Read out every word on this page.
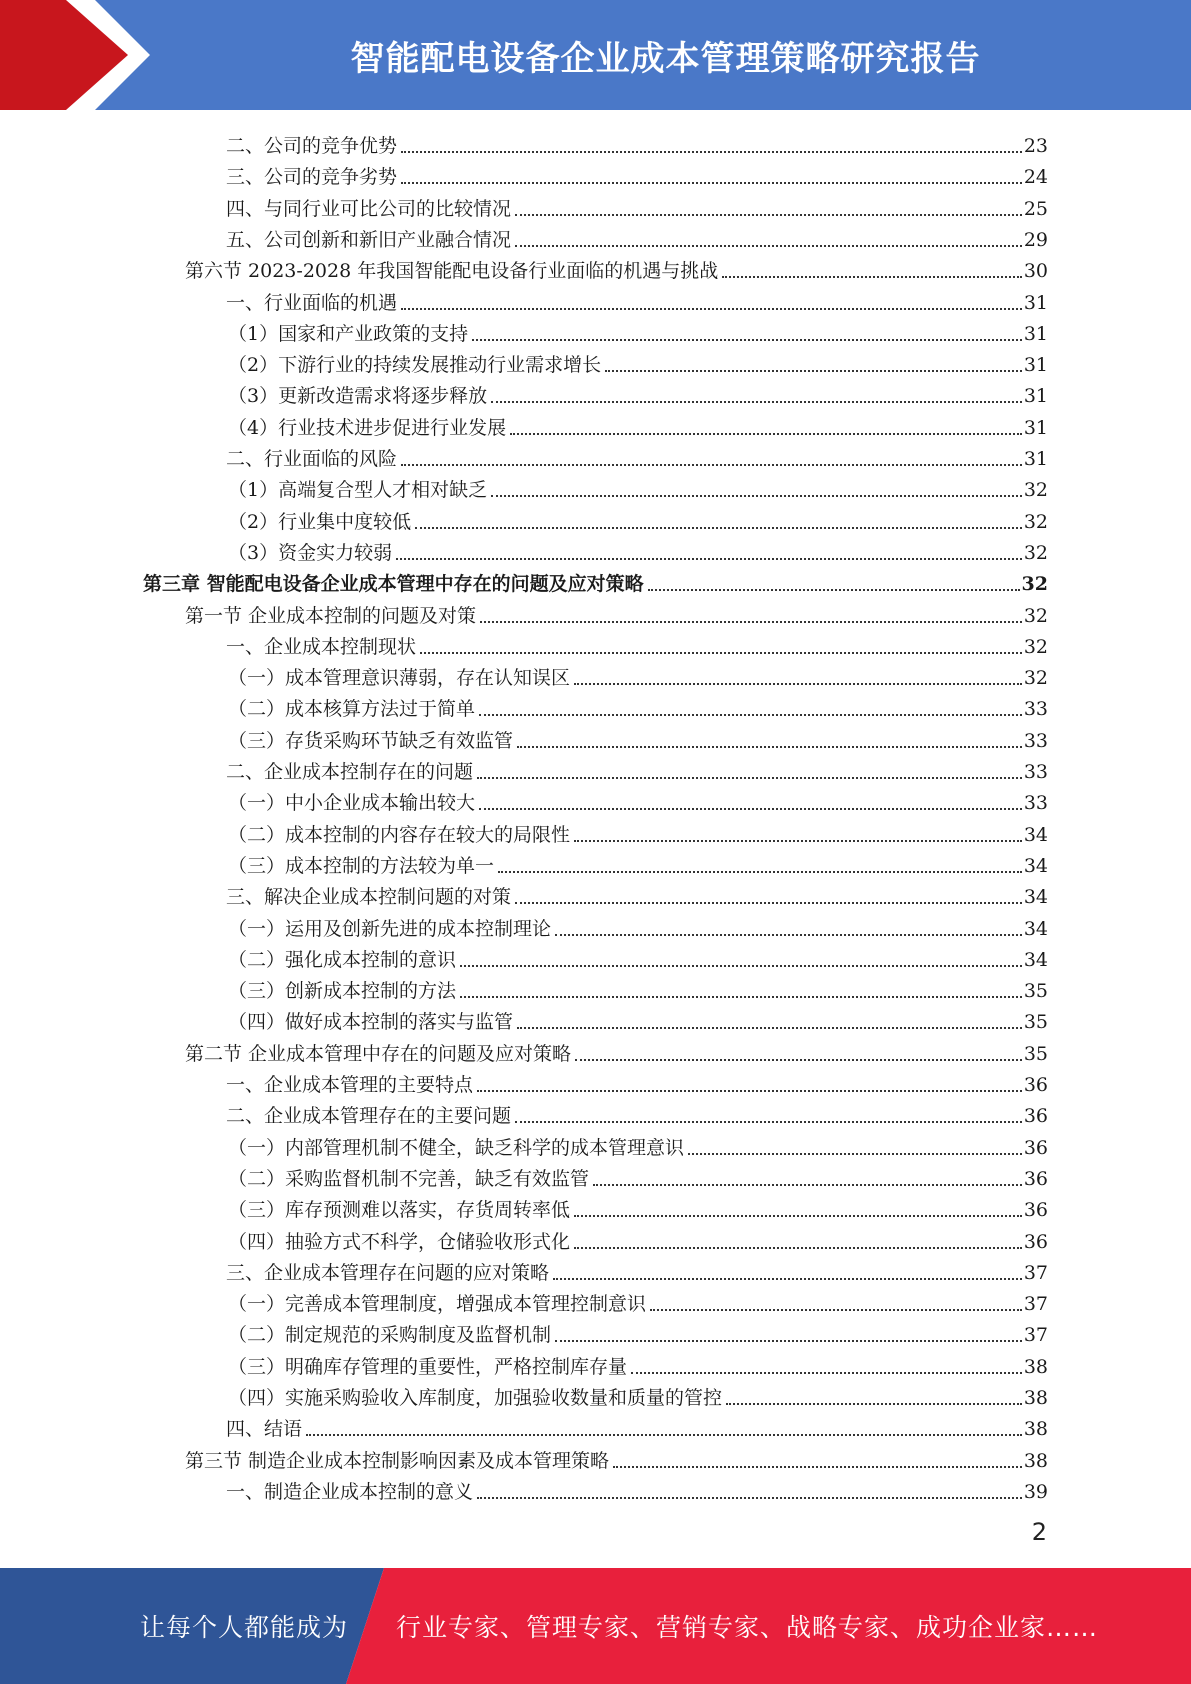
智能配电设备企业成本管理策略研究报告
二、公司的竞争优势	23
三、公司的竞争劣势	24
四、与同行业可比公司的比较情况	25
五、公司创新和新旧产业融合情况	29
第六节 2023-2028 年我国智能配电设备行业面临的机遇与挑战	30
一、行业面临的机遇	31
（1）国家和产业政策的支持	31
（2）下游行业的持续发展推动行业需求增长	31
（3）更新改造需求将逐步释放	31
（4）行业技术进步促进行业发展	31
二、行业面临的风险	31
（1）高端复合型人才相对缺乏	32
（2）行业集中度较低	32
（3）资金实力较弱	32
第三章 智能配电设备企业成本管理中存在的问题及应对策略	32
第一节 企业成本控制的问题及对策	32
一、企业成本控制现状	32
（一）成本管理意识薄弱，存在认知误区	32
（二）成本核算方法过于简单	33
（三）存货采购环节缺乏有效监管	33
二、企业成本控制存在的问题	33
（一）中小企业成本输出较大	33
（二）成本控制的内容存在较大的局限性	34
（三）成本控制的方法较为单一	34
三、解决企业成本控制问题的对策	34
（一）运用及创新先进的成本控制理论	34
（二）强化成本控制的意识	34
（三）创新成本控制的方法	35
（四）做好成本控制的落实与监管	35
第二节 企业成本管理中存在的问题及应对策略	35
一、企业成本管理的主要特点	36
二、企业成本管理存在的主要问题	36
（一）内部管理机制不健全，缺乏科学的成本管理意识	36
（二）采购监督机制不完善，缺乏有效监管	36
（三）库存预测难以落实，存货周转率低	36
（四）抽验方式不科学，仓储验收形式化	36
三、企业成本管理存在问题的应对策略	37
（一）完善成本管理制度，增强成本管理控制意识	37
（二）制定规范的采购制度及监督机制	37
（三）明确库存管理的重要性，严格控制库存量	38
（四）实施采购验收入库制度，加强验收数量和质量的管控	38
四、结语	38
第三节 制造企业成本控制影响因素及成本管理策略	38
一、制造企业成本控制的意义	39
2
让每个人都能成为 行业专家、管理专家、营销专家、战略专家、成功企业家……
